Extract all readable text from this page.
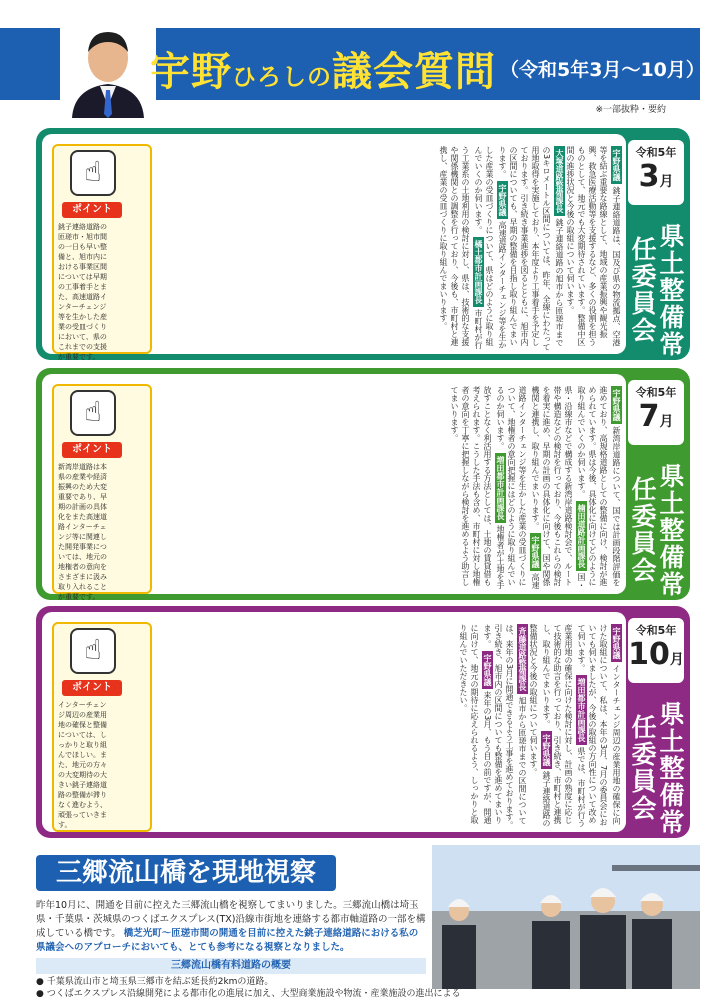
宇野ひろしの議会質問 （令和5年3月〜10月）
※一部抜粋・要約
☝
ポイント
銚子連絡道路の匝瑳市・旭市間の一日も早い整備と、旭市内における事業区間については早期の工事着手とまた、高速道路インターチェンジ等を生かした産業の受皿づくりにおいて、県のこれまでの支援が重要です。
宇野県議 銚子連絡道路は、国及び県の物流拠点、空港等を結ぶ重要な路線として、地域の産業振興や観光振興、救急医療活動等を支援するなど、多くの役割を担うものとして、地元でも大変期待されています。整備中区間の進捗状況と今後の取組について伺います。 大塚道路整備課長 銚子連絡道路の旭市から匝瑳市までの3キロメートル区間については、昨年、全線にわたって用地取得を実施しており、本年度より工事着手を予定しております。引き続き事業進捗を図るとともに、旭市内の区間についても、早期の整備を目指し取り組んでまいります。 宇野県議 高速道路インターチェンジ等を生かした産業の受皿づくりについて、県はどのように取り組んでいくのか伺います。 橘土都市計画課長 市町村が行う工業系の土地利用の検討に対し、県は、技術的な支援や関係機関との調整を行っており、今後も、市町村と連携し、産業の受皿づくりに取り組んでまいります。	令和5年
3月
県土整備常任委員会
☝
ポイント
新湾岸道路は本県の産業や経済振興のため大変重要であり、早期の計画の具体化をまた高速道路インターチェンジ等に関連した開発事業については、地元の地権者の意向をさまざまに汲み取り入れることが重要です。
宇野県議 新湾岸道路について、国では計画段階評価を進めており、高規格道路としての整備に向け、検討が進められています。県は今後、具体化に向けてどのように取り組んでいくのか伺います。 楠田道路計画課長 国・県・沿線市などで構成する新湾岸道路検討会で、ルート帯や構造などの検討を行っており、今後もこれらの検討を着実に進め、早期の計画の具体化に向けて、国や関係機関と連携し、取り組んでまいります。 宇野県議 高速道路インターチェンジ等を生かした産業の受皿づくりについて、地権者の意向把握にはどのように取り組んでいるのか伺います。 増田都市計画課長 地権者が土地を手放すことなく利活用する方法としては、土地の賃貸借も考えられます。こうした手法も含め、市町村に対し地権者の意向を丁寧に把握しながら検討を進めるよう助言してまいります。	令和5年
7月
県土整備常任委員会
☝
ポイント
インターチェンジ周辺の産業用地の確保と整備については、しっかりと取り組んでほしい。また、地元の方々の大変期待の大きい銚子連絡道路の整備が滞りなく進むよう、頑張っていきます。
宇野県議 インターチェンジ周辺の産業用地の確保に向けた取組について、私は、本年の3月、7月の委員会においても伺いましたが、今後の取組の方向性について改めて伺います。 増田都市計画課長 県では、市町村が行う産業用地の確保に向けた検討に対し、計画の熟度に応じて技術的な助言を行っており、引き続き、市町村と連携し、取り組んでまいります。 宇野県議 銚子連絡道路の整備状況と今後の取組について伺います。 斉藤道路整備課長 旭市から匝瑳市までの区間については、来年の3月に開通できるよう工事を進めております。引き続き、旭市内の区間についても整備を進めてまいります。 宇野県議 来年の3月、もう目の前ですが、開通に向けて、地元の期待に応えられるよう、しっかりと取り組んでいただきたい。	令和5年
10月
県土整備常任委員会
三郷流山橋を現地視察
昨年10月に、開通を目前に控えた三郷流山橋を視察してまいりました。三郷流山橋は埼玉県・千葉県・茨城県のつくばエクスプレス(TX)沿線市街地を連絡する都市軸道路の一部を構成している橋です。 橋芝光町〜匝瑳市間の開通を目前に控えた銚子連絡道路における私の県議会へのアプローチにおいても、とても参考になる視察となりました。
三郷流山橋有料道路の概要
● 千葉県流山市と埼玉県三郷市を結ぶ延長約2kmの道路。
● つくばエクスプレス沿線開発による都市化の進展に加え、大型商業施設や物流・産業施設の進出による
